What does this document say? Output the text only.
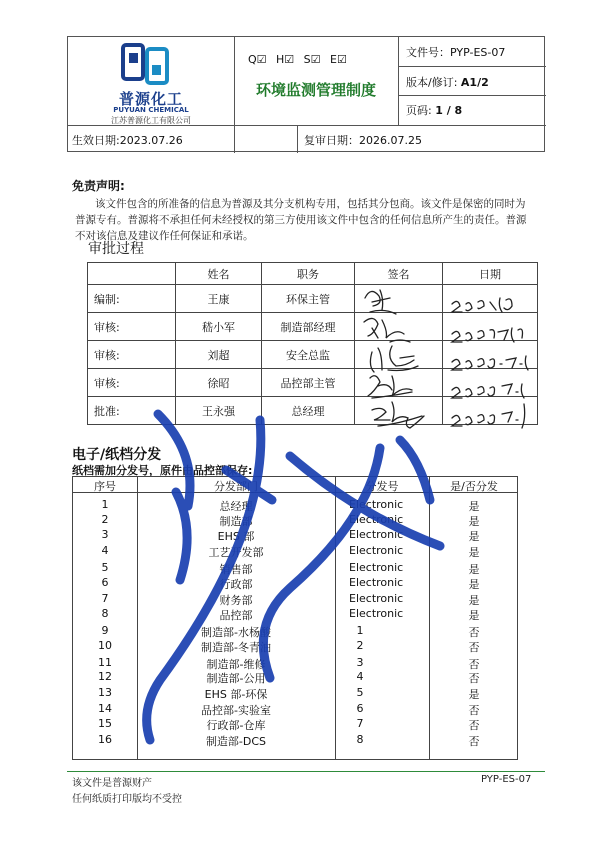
普源化工
PUYUAN CHEMICAL
江苏普源化工有限公司
Q☑ H☑ S☑ E☑
环境监测管理制度
文件号：PYP-ES-07
版本/修订: A1/2
页码: 1 / 8
生效日期:2023.07.26	复审日期：2026.07.25
免责声明:
该文件包含的所准备的信息为普源及其分支机构专用，包括其分包商。该文件是保密的同时为普源专有。普源将不承担任何未经授权的第三方使用该文件中包含的任何信息所产生的责任。普源不对该信息及建议作任何保证和承诺。
审批过程
	姓名	职务	签名	日期
编制:	王康	环保主管		
审核:	嵇小军	制造部经理		
审核:	刘超	安全总监		
审核:	徐昭	品控部主管		
批准:	王永强	总经理		
电子/纸档分发
纸档需加分发号，原件由品控部保存:
序号	分发部门	分发号	是/否分发
1	总经理	Electronic	是
2	制造部	Electronic	是
3	EHS 部	Electronic	是
4	工艺开发部	Electronic	是
5	销售部	Electronic	是
6	行政部	Electronic	是
7	财务部	Electronic	是
8	品控部	Electronic	是
9	制造部-水杨酸	1	否
10	制造部-冬青油	2	否
11	制造部-维修	3	否
12	制造部-公用	4	否
13	EHS 部-环保	5	是
14	品控部-实验室	6	否
15	行政部-仓库	7	否
16	制造部-DCS	8	否
该文件是普源财产
任何纸质打印版均不受控
PYP-ES-07
